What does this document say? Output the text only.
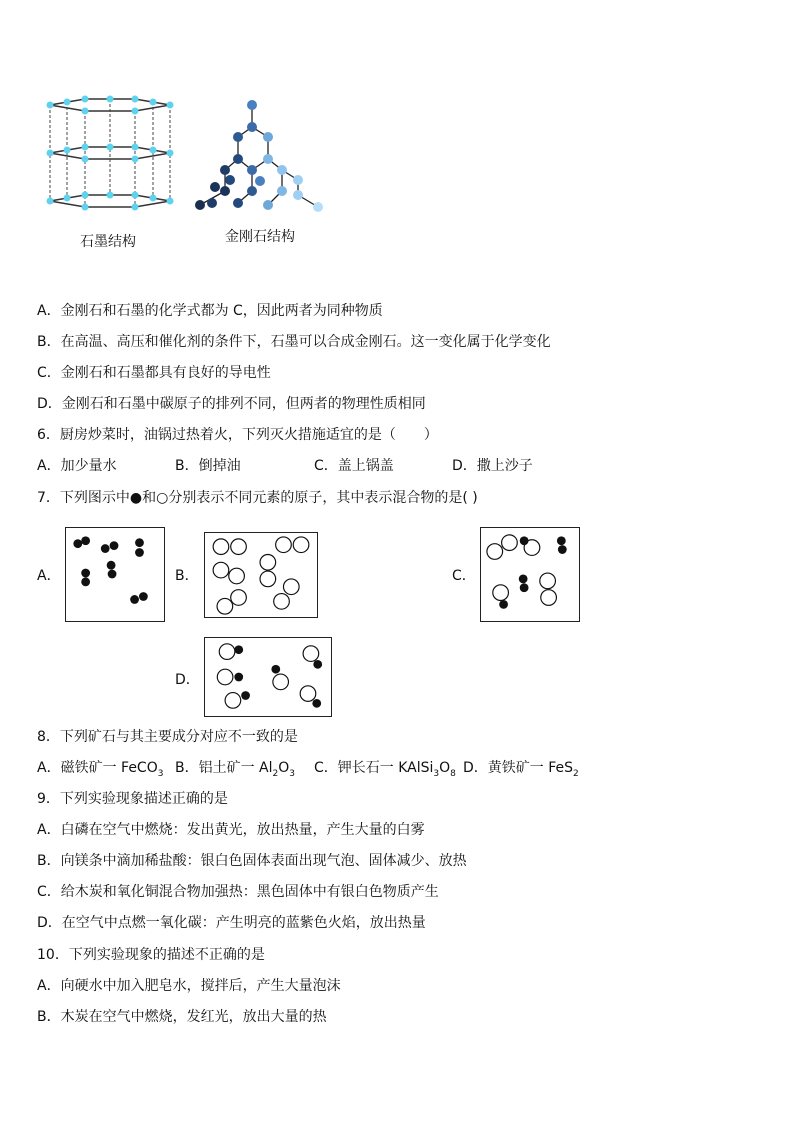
石墨结构	金刚石结构
A．金刚石和石墨的化学式都为 C，因此两者为同种物质
B．在高温、高压和催化剂的条件下，石墨可以合成金刚石。这一变化属于化学变化
C．金刚石和石墨都具有良好的导电性
D．金刚石和石墨中碳原子的排列不同，但两者的物理性质相同
6．厨房炒菜时，油锅过热着火，下列灭火措施适宜的是（　　）
A．加少量水	B．倒掉油	C．盖上锅盖	D．撒上沙子
7．下列图示中●和○分别表示不同元素的原子，其中表示混合物的是( )
A．	B．	C．
D．
8．下列矿石与其主要成分对应不一致的是
A．磁铁矿一 FeCO$_3$ B．铝土矿一 $Al_2O_3$ C．钾长石一 $KAlSi_3O_8$ D．黄铁矿一 FeS$_2$
9．下列实验现象描述正确的是
A．白磷在空气中燃烧：发出黄光，放出热量，产生大量的白雾
B．向镁条中滴加稀盐酸：银白色固体表面出现气泡、固体减少、放热
C．给木炭和氧化铜混合物加强热：黑色固体中有银白色物质产生
D．在空气中点燃一氧化碳：产生明亮的蓝紫色火焰，放出热量
10．下列实验现象的描述不正确的是
A．向硬水中加入肥皂水，搅拌后，产生大量泡沫
B．木炭在空气中燃烧，发红光，放出大量的热
